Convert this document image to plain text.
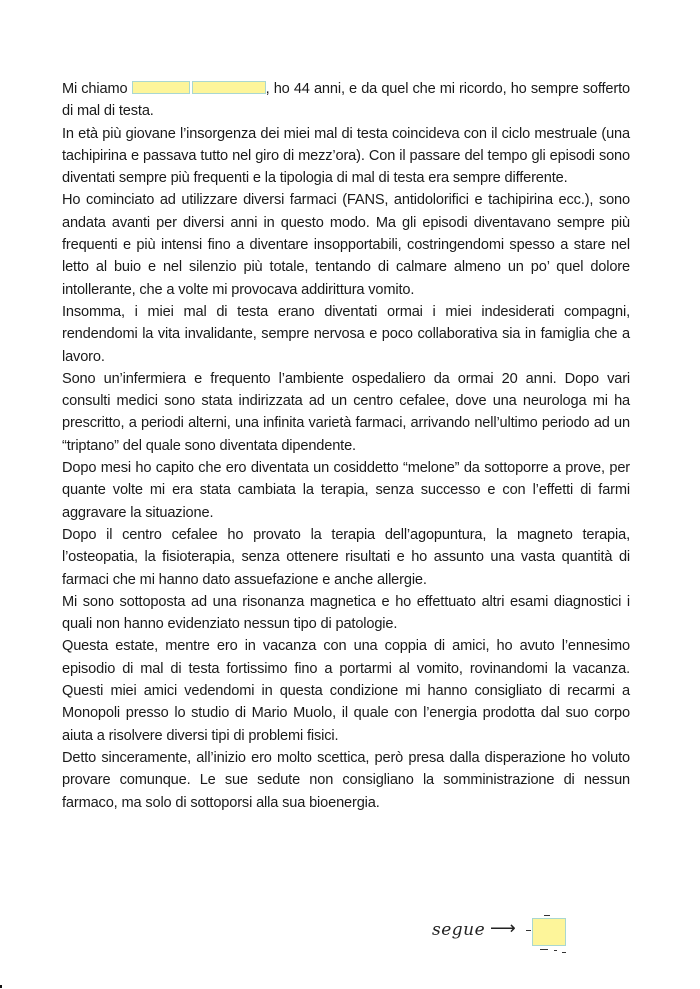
Mi chiamo	, ho 44 anni, e da quel che mi ricordo, ho sempre sofferto di mal di testa.

In età più giovane l’insorgenza dei miei mal di testa coincideva con il ciclo mestruale (una tachipirina e passava tutto nel giro di mezz’ora). Con il passare del tempo gli episodi sono diventati sempre più frequenti e la tipologia di mal di testa era sempre differente.

Ho cominciato ad utilizzare diversi farmaci (FANS, antidolorifici e tachipirina ecc.), sono andata avanti per diversi anni in questo modo. Ma gli episodi diventavano sempre più frequenti e più intensi fino a diventare insopportabili, costringendomi spesso a stare nel letto al buio e nel silenzio più totale, tentando di calmare almeno un po’ quel dolore intollerante, che a volte mi provocava addirittura vomito.

Insomma, i miei mal di testa erano diventati ormai i miei indesiderati compagni, rendendomi la vita invalidante, sempre nervosa e poco collaborativa sia in famiglia che a lavoro.

Sono un’infermiera e frequento l’ambiente ospedaliero da ormai 20 anni. Dopo vari consulti medici sono stata indirizzata ad un centro cefalee, dove una neurologa mi ha prescritto, a periodi alterni, una infinita varietà farmaci, arrivando nell’ultimo periodo ad un “triptano” del quale sono diventata dipendente.

Dopo mesi ho capito che ero diventata un cosiddetto “melone” da sottoporre a prove, per quante volte mi era stata cambiata la terapia, senza successo e con l’effetti di farmi aggravare la situazione.

Dopo il centro cefalee ho provato la terapia dell’agopuntura, la magneto terapia, l’osteopatia, la fisioterapia, senza ottenere risultati e ho assunto una vasta quantità di farmaci che mi hanno dato assuefazione e anche allergie.

Mi sono sottoposta ad una risonanza magnetica e ho effettuato altri esami diagnostici i quali non hanno evidenziato nessun tipo di patologie.

Questa estate, mentre ero in vacanza con una coppia di amici, ho avuto l’ennesimo episodio di mal di testa fortissimo fino a portarmi al vomito, rovinandomi la vacanza. Questi miei amici vedendomi in questa condizione mi hanno consigliato di recarmi a Monopoli presso lo studio di Mario Muolo, il quale con l’energia prodotta dal suo corpo aiuta a risolvere diversi tipi di problemi fisici.

Detto sinceramente, all’inizio ero molto scettica, però presa dalla disperazione ho voluto provare comunque. Le sue sedute non consigliano la somministrazione di nessun farmaco, ma solo di sottoporsi alla sua bioenergia.

segue ⟶
